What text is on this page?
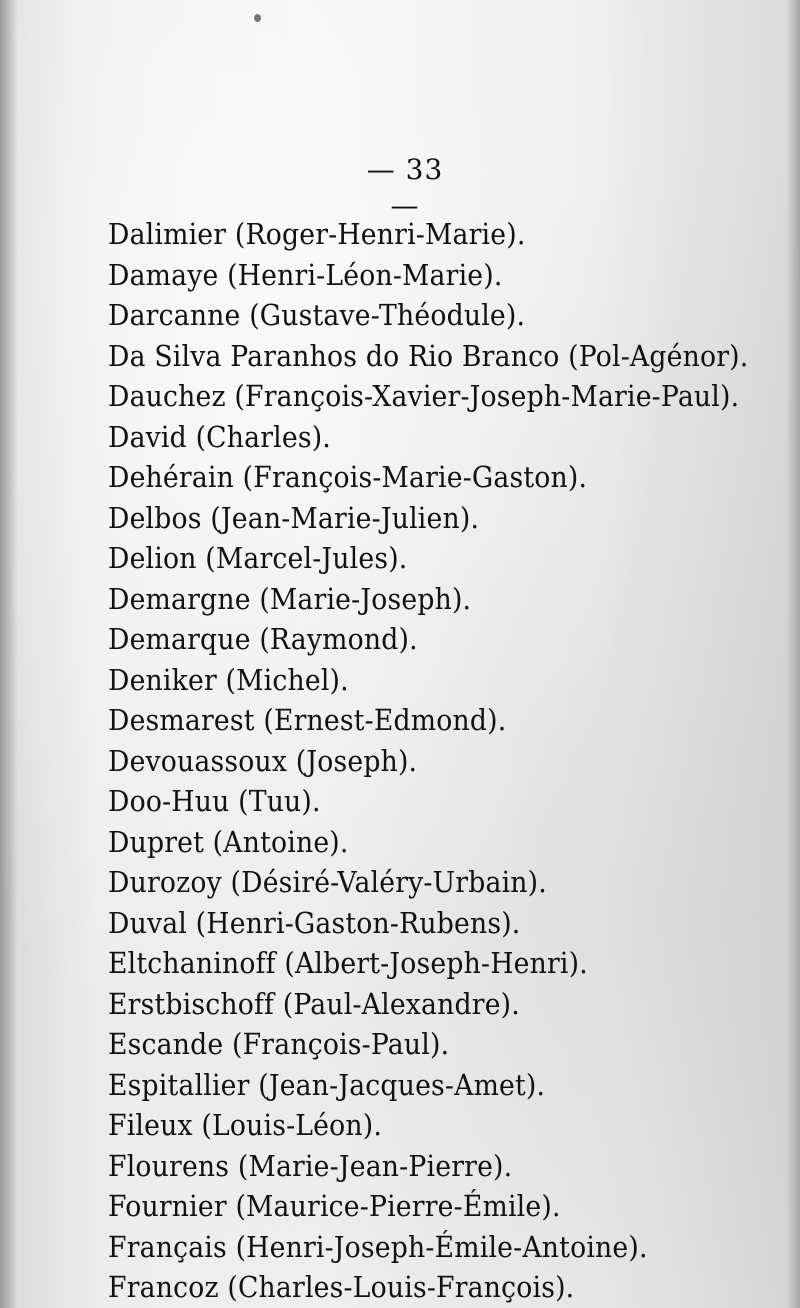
— 33 —
Dalimier (Roger-Henri-Marie).
Damaye (Henri-Léon-Marie).
Darcanne (Gustave-Théodule).
Da Silva Paranhos do Rio Branco (Pol-Agénor).
Dauchez (François-Xavier-Joseph-Marie-Paul).
David (Charles).
Dehérain (François-Marie-Gaston).
Delbos (Jean-Marie-Julien).
Delion (Marcel-Jules).
Demargne (Marie-Joseph).
Demarque (Raymond).
Deniker (Michel).
Desmarest (Ernest-Edmond).
Devouassoux (Joseph).
Doo-Huu (Tuu).
Dupret (Antoine).
Durozoy (Désiré-Valéry-Urbain).
Duval (Henri-Gaston-Rubens).
Eltchaninoff (Albert-Joseph-Henri).
Erstbischoff (Paul-Alexandre).
Escande (François-Paul).
Espitallier (Jean-Jacques-Amet).
Fileux (Louis-Léon).
Flourens (Marie-Jean-Pierre).
Fournier (Maurice-Pierre-Émile).
Français (Henri-Joseph-Émile-Antoine).
Francoz (Charles-Louis-François).
